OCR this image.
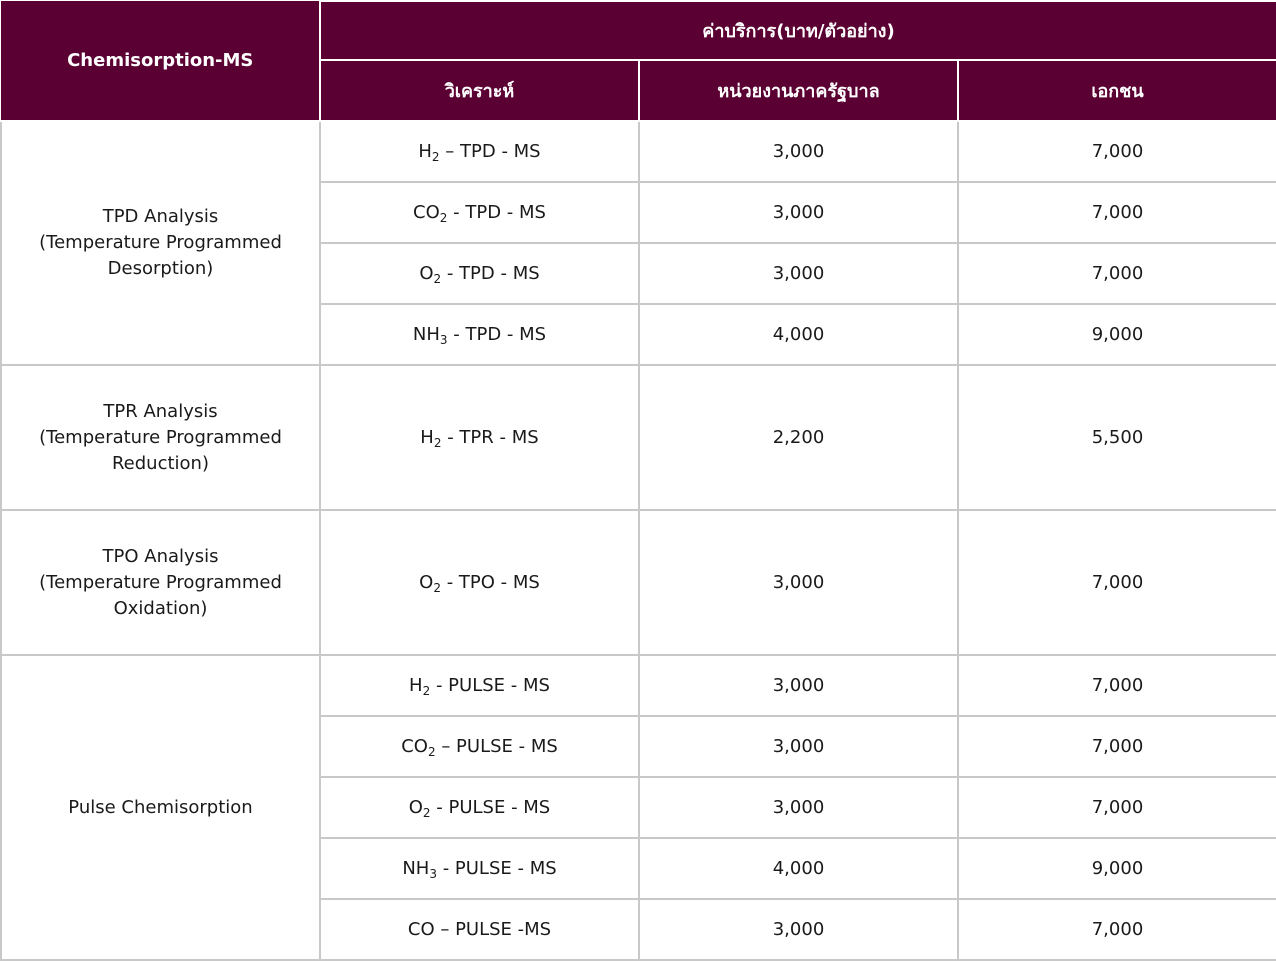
Chemisorption-MS	ค่าบริการ(บาท/ตัวอย่าง)		
	วิเคราะห์	หน่วยงานภาครัฐบาล	เอกชน

TPD Analysis
(Temperature Programmed
Desorption)	$H_2$ – TPD - MS	3,000	7,000
	$CO_2$ - TPD - MS	3,000	7,000
	$O_2$ - TPD - MS	3,000	7,000
	$NH_3$ - TPD - MS	4,000	9,000

TPR Analysis
(Temperature Programmed
Reduction)	$H_2$ - TPR - MS	2,200	5,500

TPO Analysis
(Temperature Programmed
Oxidation)	$O_2$ - TPO - MS	3,000	7,000

Pulse Chemisorption	$H_2$ - PULSE - MS	3,000	7,000
	$CO_2$ – PULSE - MS	3,000	7,000
	$O_2$ - PULSE - MS	3,000	7,000
	$NH_3$ - PULSE - MS	4,000	9,000
	CO – PULSE -MS	3,000	7,000
